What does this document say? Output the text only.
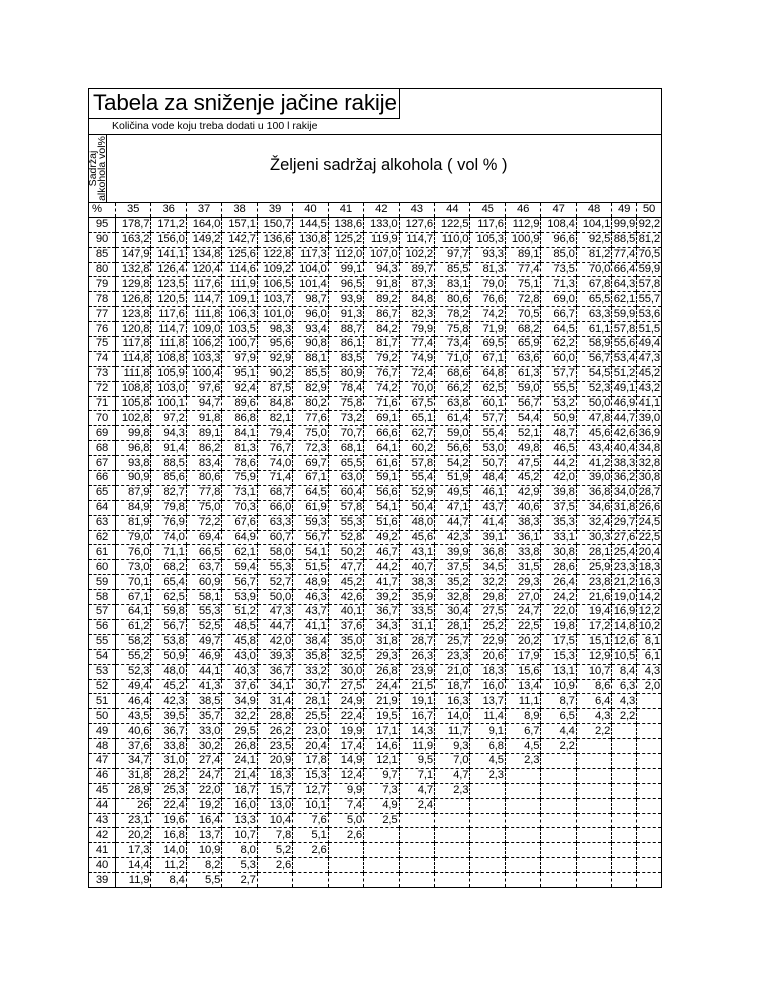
Tabela za sniženje jačine rakije
Količina vode koju treba dodati u 100 l rakije
Sadržaj alkohola vol%	Željeni sadržaj alkohola ( vol % )
%	35	36	37	38	39	40	41	42	43	44	45	46	47	48	49	50
95	178,7	171,2	164,0	157,1	150,7	144,5	138,6	133,0	127,6	122,5	117,6	112,9	108,4	104,1	99,9	92,2
90	163,2	156,0	149,2	142,7	136,6	130,8	125,2	119,9	114,7	110,0	105,3	100,9	96,6	92,5	88,5	81,2
85	147,9	141,1	134,8	125,6	122,8	117,3	112,0	107,0	102,2	97,7	93,3	89,1	85,0	81,2	77,4	70,5
80	132,8	126,4	120,4	114,6	109,2	104,0	99,1	94,3	89,7	85,5	81,3	77,4	73,5	70,0	66,4	59,9
79	129,8	123,5	117,6	111,9	106,5	101,4	96,5	91,8	87,3	83,1	79,0	75,1	71,3	67,8	64,3	57,8
78	126,8	120,5	114,7	109,1	103,7	98,7	93,9	89,2	84,8	80,6	76,6	72,8	69,0	65,5	62,1	55,7
77	123,8	117,6	111,8	106,3	101,0	96,0	91,3	86,7	82,3	78,2	74,2	70,5	66,7	63,3	59,9	53,6
76	120,8	114,7	109,0	103,5	98,3	93,4	88,7	84,2	79,9	75,8	71,9	68,2	64,5	61,1	57,8	51,5
75	117,8	111,8	106,2	100,7	95,6	90,8	86,1	81,7	77,4	73,4	69,5	65,9	62,2	58,9	55,6	49,4
74	114,8	108,8	103,3	97,9	92,9	88,1	83,5	79,2	74,9	71,0	67,1	63,6	60,0	56,7	53,4	47,3
73	111,8	105,9	100,4	95,1	90,2	85,5	80,9	76,7	72,4	68,6	64,8	61,3	57,7	54,5	51,2	45,2
72	108,8	103,0	97,6	92,4	87,5	82,9	78,4	74,2	70,0	66,2	62,5	59,0	55,5	52,3	49,1	43,2
71	105,8	100,1	94,7	89,6	84,8	80,2	75,8	71,6	67,5	63,8	60,1	56,7	53,2	50,0	46,9	41,1
70	102,8	97,2	91,8	86,8	82,1	77,6	73,2	69,1	65,1	61,4	57,7	54,4	50,9	47,8	44,7	39,0
69	99,8	94,3	89,1	84,1	79,4	75,0	70,7	66,6	62,7	59,0	55,4	52,1	48,7	45,6	42,6	36,9
68	96,8	91,4	86,2	81,3	76,7	72,3	68,1	64,1	60,2	56,6	53,0	49,8	46,5	43,4	40,4	34,8
67	93,8	88,5	83,4	78,6	74,0	69,7	65,5	61,6	57,8	54,2	50,7	47,5	44,2	41,2	38,3	32,8
66	90,9	85,6	80,6	75,9	71,4	67,1	63,0	59,1	55,4	51,9	48,4	45,2	42,0	39,0	36,2	30,8
65	87,9	82,7	77,8	73,1	68,7	64,5	60,4	56,6	52,9	49,5	46,1	42,9	39,8	36,8	34,0	28,7
64	84,9	79,8	75,0	70,3	66,0	61,9	57,8	54,1	50,4	47,1	43,7	40,6	37,5	34,6	31,8	26,6
63	81,9	76,9	72,2	67,6	63,3	59,3	55,3	51,6	48,0	44,7	41,4	38,3	35,3	32,4	29,7	24,5
62	79,0	74,0	69,4	64,9	60,7	56,7	52,8	49,2	45,6	42,3	39,1	36,1	33,1	30,3	27,6	22,5
61	76,0	71,1	66,5	62,1	58,0	54,1	50,2	46,7	43,1	39,9	36,8	33,8	30,8	28,1	25,4	20,4
60	73,0	68,2	63,7	59,4	55,3	51,5	47,7	44,2	40,7	37,5	34,5	31,5	28,6	25,9	23,3	18,3
59	70,1	65,4	60,9	56,7	52,7	48,9	45,2	41,7	38,3	35,2	32,2	29,3	26,4	23,8	21,2	16,3
58	67,1	62,5	58,1	53,9	50,0	46,3	42,6	39,2	35,9	32,8	29,8	27,0	24,2	21,6	19,0	14,2
57	64,1	59,8	55,3	51,2	47,3	43,7	40,1	36,7	33,5	30,4	27,5	24,7	22,0	19,4	16,9	12,2
56	61,2	56,7	52,5	48,5	44,7	41,1	37,6	34,3	31,1	28,1	25,2	22,5	19,8	17,2	14,8	10,2
55	58,2	53,8	49,7	45,8	42,0	38,4	35,0	31,8	28,7	25,7	22,9	20,2	17,5	15,1	12,6	8,1
54	55,2	50,9	46,9	43,0	39,3	35,8	32,5	29,3	26,3	23,3	20,6	17,9	15,3	12,9	10,5	6,1
53	52,3	48,0	44,1	40,3	36,7	33,2	30,0	26,8	23,9	21,0	18,3	15,6	13,1	10,7	8,4	4,3
52	49,4	45,2	41,3	37,6	34,1	30,7	27,5	24,4	21,5	18,7	16,0	13,4	10,9	8,6	6,3	2,0
51	46,4	42,3	38,5	34,9	31,4	28,1	24,9	21,9	19,1	16,3	13,7	11,1	8,7	6,4	4,3	
50	43,5	39,5	35,7	32,2	28,8	25,5	22,4	19,5	16,7	14,0	11,4	8,9	6,5	4,3	2,2	
49	40,6	36,7	33,0	29,5	26,2	23,0	19,9	17,1	14,3	11,7	9,1	6,7	4,4	2,2		
48	37,6	33,8	30,2	26,8	23,5	20,4	17,4	14,6	11,9	9,3	6,8	4,5	2,2			
47	34,7	31,0	27,4	24,1	20,9	17,8	14,9	12,1	9,5	7,0	4,5	2,3				
46	31,8	28,2	24,7	21,4	18,3	15,3	12,4	9,7	7,1	4,7	2,3					
45	28,9	25,3	22,0	18,7	15,7	12,7	9,9	7,3	4,7	2,3						
44	26	22,4	19,2	16,0	13,0	10,1	7,4	4,9	2,4							
43	23,1	19,6	16,4	13,3	10,4	7,6	5,0	2,5								
42	20,2	16,8	13,7	10,7	7,8	5,1	2,6									
41	17,3	14,0	10,9	8,0	5,2	2,6										
40	14,4	11,2	8,2	5,3	2,6											
39	11,9	8,4	5,5	2,7												
